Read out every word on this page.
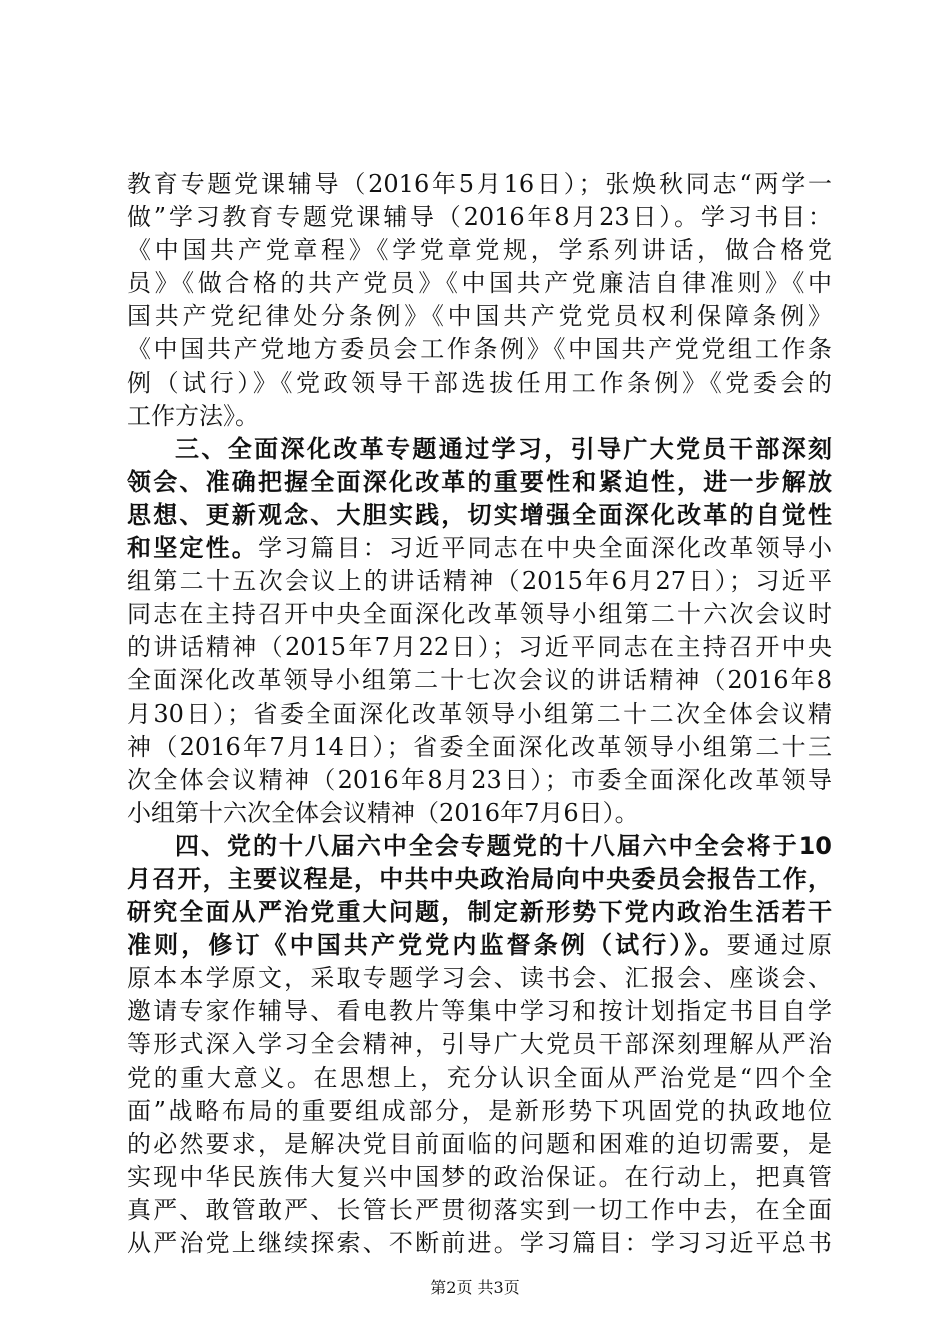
教育专题党课辅导（2016年5月16日）；张焕秋同志“两学一
做”学习教育专题党课辅导（2016年8月23日）。学习书目：
《中国共产党章程》《学党章党规，学系列讲话，做合格党
员》《做合格的共产党员》《中国共产党廉洁自律准则》《中
国共产党纪律处分条例》《中国共产党党员权利保障条例》
《中国共产党地方委员会工作条例》《中国共产党党组工作条
例（试行）》《党政领导干部选拔任用工作条例》《党委会的
工作方法》。
三、全面深化改革专题通过学习，引导广大党员干部深刻
领会、准确把握全面深化改革的重要性和紧迫性，进一步解放
思想、更新观念、大胆实践，切实增强全面深化改革的自觉性
和坚定性。学习篇目：习近平同志在中央全面深化改革领导小
组第二十五次会议上的讲话精神（2015年6月27日）；习近平
同志在主持召开中央全面深化改革领导小组第二十六次会议时
的讲话精神（2015年7月22日）；习近平同志在主持召开中央
全面深化改革领导小组第二十七次会议的讲话精神（2016年8
月30日）；省委全面深化改革领导小组第二十二次全体会议精
神（2016年7月14日）；省委全面深化改革领导小组第二十三
次全体会议精神（2016年8月23日）；市委全面深化改革领导
小组第十六次全体会议精神（2016年7月6日）。
四、党的十八届六中全会专题党的十八届六中全会将于10
月召开，主要议程是，中共中央政治局向中央委员会报告工作，
研究全面从严治党重大问题，制定新形势下党内政治生活若干
准则，修订《中国共产党党内监督条例（试行）》。要通过原
原本本学原文，采取专题学习会、读书会、汇报会、座谈会、
邀请专家作辅导、看电教片等集中学习和按计划指定书目自学
等形式深入学习全会精神，引导广大党员干部深刻理解从严治
党的重大意义。在思想上，充分认识全面从严治党是“四个全
面”战略布局的重要组成部分，是新形势下巩固党的执政地位
的必然要求，是解决党目前面临的问题和困难的迫切需要，是
实现中华民族伟大复兴中国梦的政治保证。在行动上，把真管
真严、敢管敢严、长管长严贯彻落实到一切工作中去，在全面
从严治党上继续探索、不断前进。学习篇目：学习习近平总书
第2页 共3页
